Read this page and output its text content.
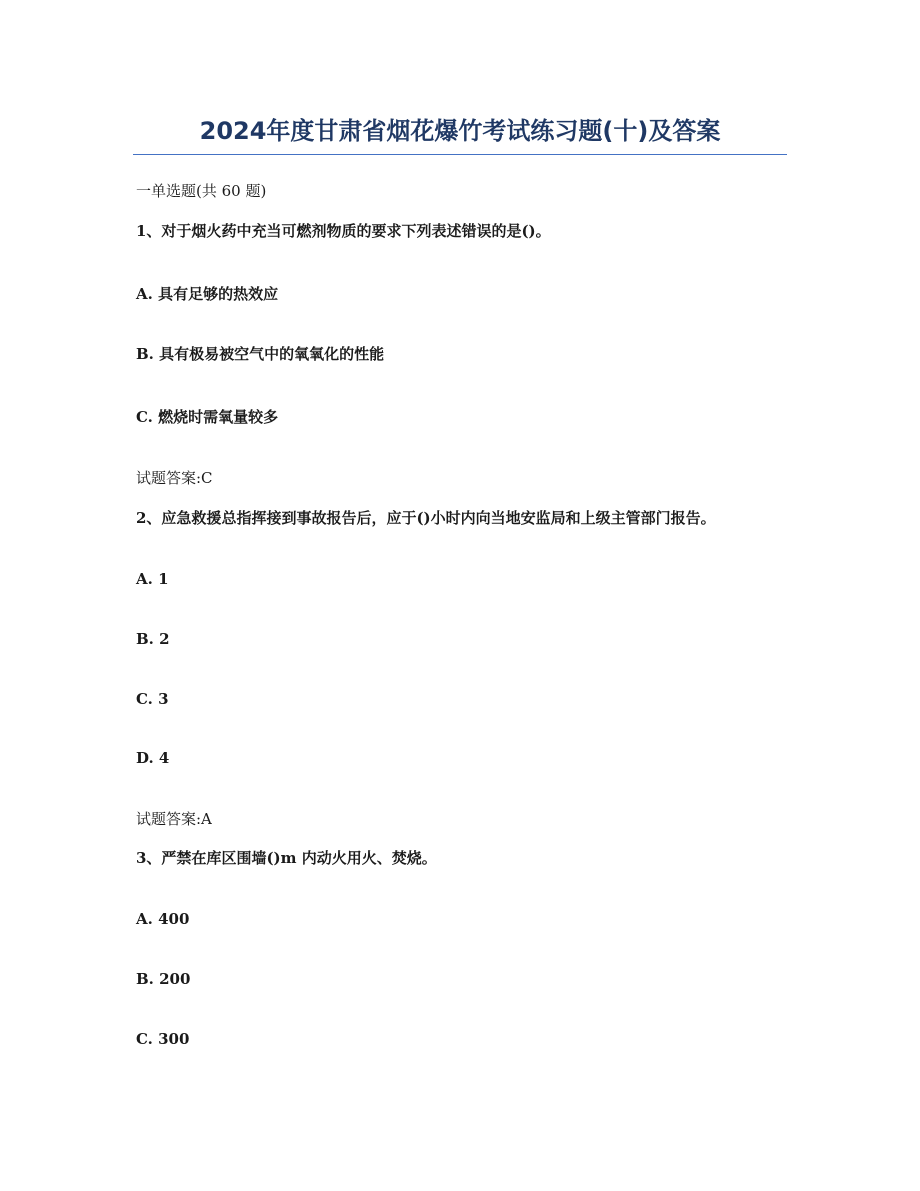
2024年度甘肃省烟花爆竹考试练习题(十)及答案
一单选题(共 60 题)
1、对于烟火药中充当可燃剂物质的要求下列表述错误的是()。
A. 具有足够的热效应
B. 具有极易被空气中的氧氧化的性能
C. 燃烧时需氧量较多
试题答案:C
2、应急救援总指挥接到事故报告后，应于()小时内向当地安监局和上级主管部门报告。
A. 1
B. 2
C. 3
D. 4
试题答案:A
3、严禁在库区围墙()m 内动火用火、焚烧。
A. 400
B. 200
C. 300
